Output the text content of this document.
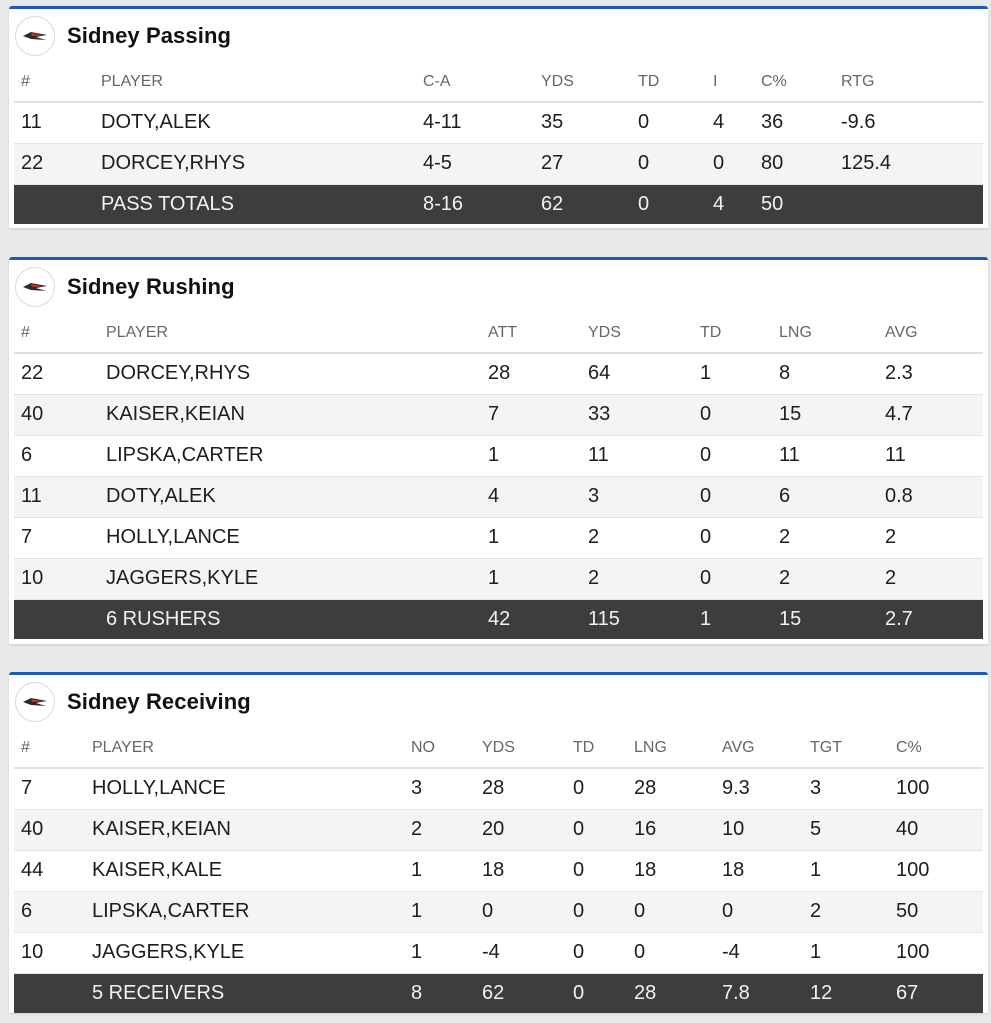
Sidney Passing
#	PLAYER	C-A	YDS	TD	I	C%	RTG
11	DOTY,ALEK	4-11	35	0	4	36	-9.6
22	DORCEY,RHYS	4-5	27	0	0	80	125.4
	PASS TOTALS	8-16	62	0	4	50	
Sidney Rushing
#	PLAYER	ATT	YDS	TD	LNG	AVG
22	DORCEY,RHYS	28	64	1	8	2.3
40	KAISER,KEIAN	7	33	0	15	4.7
6	LIPSKA,CARTER	1	11	0	11	11
11	DOTY,ALEK	4	3	0	6	0.8
7	HOLLY,LANCE	1	2	0	2	2
10	JAGGERS,KYLE	1	2	0	2	2
	6 RUSHERS	42	115	1	15	2.7
Sidney Receiving
#	PLAYER	NO	YDS	TD	LNG	AVG	TGT	C%
7	HOLLY,LANCE	3	28	0	28	9.3	3	100
40	KAISER,KEIAN	2	20	0	16	10	5	40
44	KAISER,KALE	1	18	0	18	18	1	100
6	LIPSKA,CARTER	1	0	0	0	0	2	50
10	JAGGERS,KYLE	1	-4	0	0	-4	1	100
	5 RECEIVERS	8	62	0	28	7.8	12	67
